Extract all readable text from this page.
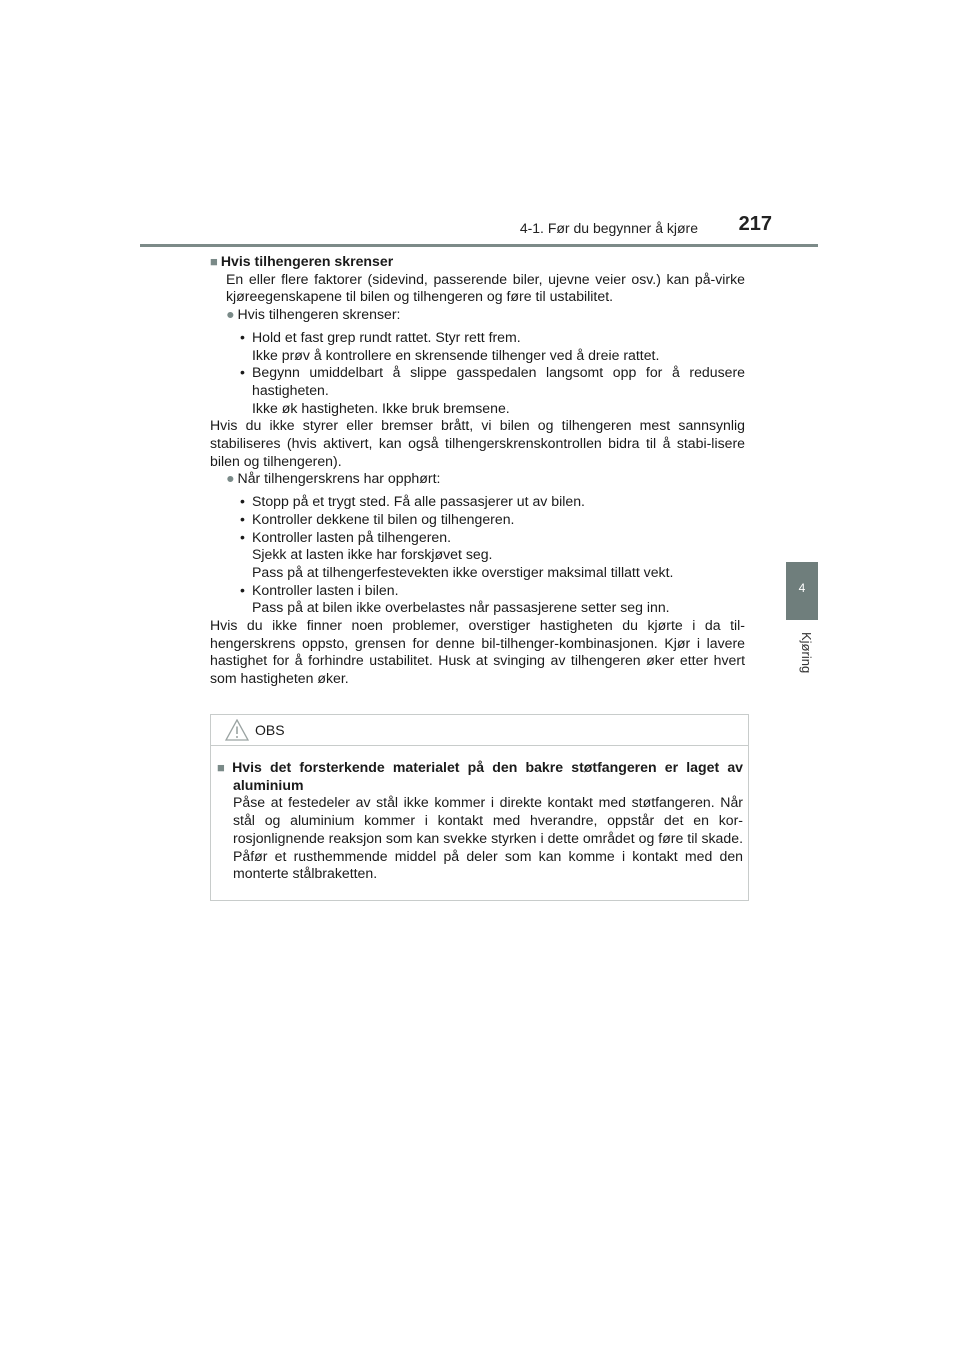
4-1. Før du begynner å kjøre 217
4
Kjøring

■ Hvis tilhengeren skrenser

En eller flere faktorer (sidevind, passerende biler, ujevne veier osv.) kan på-virke kjøreegenskapene til bilen og tilhengeren og føre til ustabilitet.

● Hvis tilhengeren skrenser:

• Hold et fast grep rundt rattet. Styr rett frem.

Ikke prøv å kontrollere en skrensende tilhenger ved å dreie rattet.

• Begynn umiddelbart å slippe gasspedalen langsomt opp for å redusere hastigheten.

Ikke øk hastigheten. Ikke bruk bremsene.

Hvis du ikke styrer eller bremser brått, vi bilen og tilhengeren mest sannsynlig stabiliseres (hvis aktivert, kan også tilhengerskrenskontrollen bidra til å stabi-lisere bilen og tilhengeren).

● Når tilhengerskrens har opphørt:

• Stopp på et trygt sted. Få alle passasjerer ut av bilen.

• Kontroller dekkene til bilen og tilhengeren.

• Kontroller lasten på tilhengeren.

Sjekk at lasten ikke har forskjøvet seg.

Pass på at tilhengerfestevekten ikke overstiger maksimal tillatt vekt.

• Kontroller lasten i bilen.

Pass på at bilen ikke overbelastes når passasjerene setter seg inn.

Hvis du ikke finner noen problemer, overstiger hastigheten du kjørte i da til-hengerskrens oppsto, grensen for denne bil-tilhenger-kombinasjonen. Kjør i lavere hastighet for å forhindre ustabilitet. Husk at svinging av tilhengeren øker etter hvert som hastigheten øker.

OBS

■ Hvis det forsterkende materialet på den bakre støtfangeren er laget av aluminium

Påse at festedeler av stål ikke kommer i direkte kontakt med støtfangeren. Når stål og aluminium kommer i kontakt med hverandre, oppstår det en kor-rosjonlignende reaksjon som kan svekke styrken i dette området og føre til skade. Påfør et rusthemmende middel på deler som kan komme i kontakt med den monterte stålbraketten.
